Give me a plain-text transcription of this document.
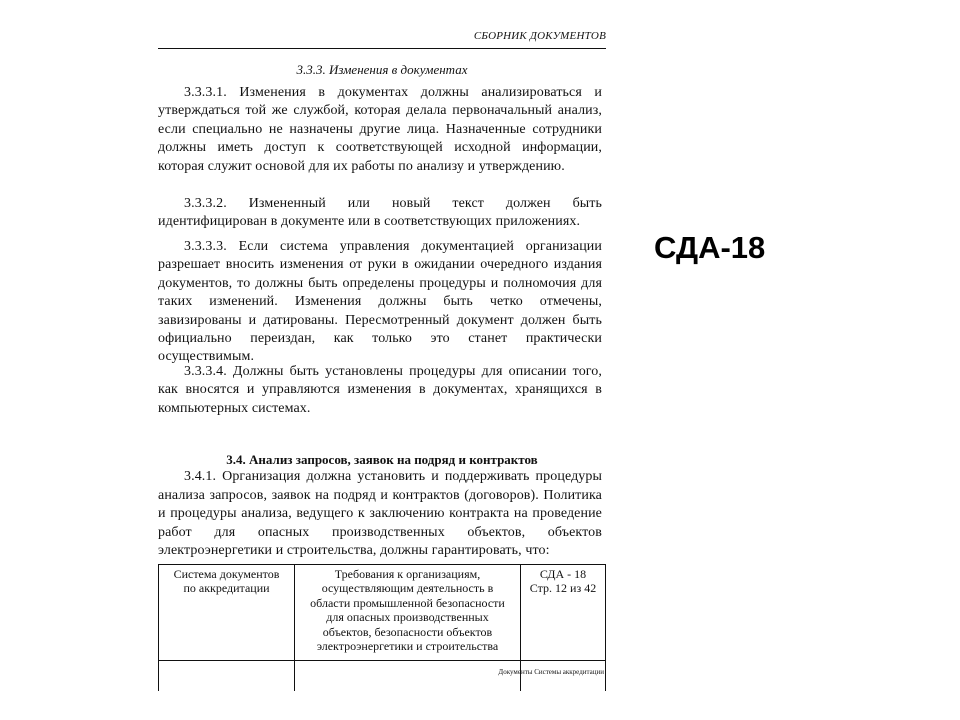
СБОРНИК ДОКУМЕНТОВ
3.3.3. Изменения в документах

3.3.3.1. Изменения в документах должны анализироваться и утверждаться той же службой, которая делала первоначальный анализ, если специально не назначены другие лица. Назначенные сотрудники должны иметь доступ к соответствующей исходной информации, которая служит основой для их работы по анализу и утверждению.

3.3.3.2. Измененный или новый текст должен быть идентифицирован в документе или в соответствующих приложениях.

3.3.3.3. Если система управления документацией организации разрешает вносить изменения от руки в ожидании очередного издания документов, то должны быть определены процедуры и полномочия для таких изменений. Изменения должны быть четко отмечены, завизированы и датированы. Пересмотренный документ должен быть официально переиздан, как только это станет практически осуществимым.

3.3.3.4. Должны быть установлены процедуры для описании того, как вносятся и управляются изменения в документах, хранящихся в компьютерных системах.

3.4. Анализ запросов, заявок на подряд и контрактов

3.4.1. Организация должна установить и поддерживать процедуры анализа запросов, заявок на подряд и контрактов (договоров). Политика и процедуры анализа, ведущего к заключению контракта на проведение работ для опасных производственных объектов, объектов электроэнергетики и строительства, должны гарантировать, что:

Система документов
по аккредитации
Требования к организациям,
осуществляющим деятельность в
области промышленной безопасности
для опасных производственных
объектов, безопасности объектов
электроэнергетики и строительства
СДА - 18
Стр. 12 из 42
Документы Системы аккредитации
СДА-18
